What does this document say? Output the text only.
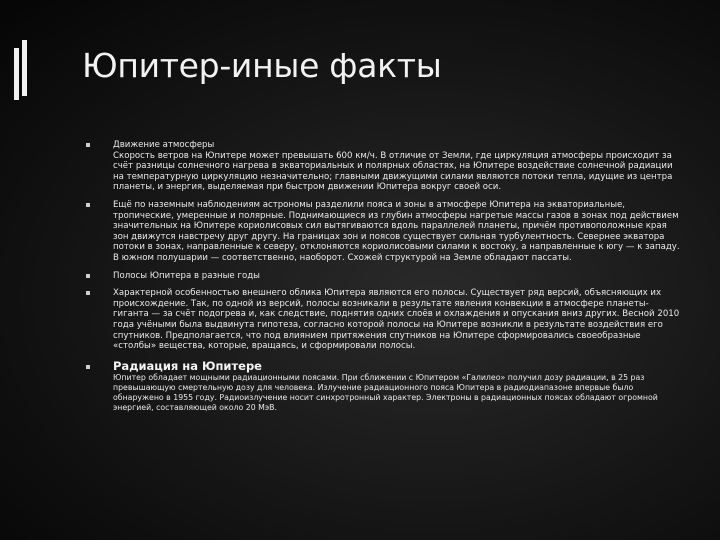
Юпитер-иные факты
Движение атмосферы
Скорость ветров на Юпитере может превышать 600 км/ч. В отличие от Земли, где циркуляция атмосферы происходит за счёт разницы солнечного нагрева в экваториальных и полярных областях, на Юпитере воздействие солнечной радиации на температурную циркуляцию незначительно; главными движущими силами являются потоки тепла, идущие из центра планеты, и энергия, выделяемая при быстром движении Юпитера вокруг своей оси.
Ещё по наземным наблюдениям астрономы разделили пояса и зоны в атмосфере Юпитера на экваториальные, тропические, умеренные и полярные. Поднимающиеся из глубин атмосферы нагретые массы газов в зонах под действием значительных на Юпитере кориолисовых сил вытягиваются вдоль параллелей планеты, причём противоположные края зон движутся навстречу друг другу. На границах зон и поясов существует сильная турбулентность. Севернее экватора потоки в зонах, направленные к северу, отклоняются кориолисовыми силами к востоку, а направленные к югу — к западу. В южном полушарии — соответственно, наоборот. Схожей структурой на Земле обладают пассаты.
Полосы Юпитера в разные годы
Характерной особенностью внешнего облика Юпитера являются его полосы. Существует ряд версий, объясняющих их происхождение. Так, по одной из версий, полосы возникали в результате явления конвекции в атмосфере планеты-гиганта — за счёт подогрева и, как следствие, поднятия одних слоёв и охлаждения и опускания вниз других. Весной 2010 года учёными была выдвинута гипотеза, согласно которой полосы на Юпитере возникли в результате воздействия его спутников. Предполагается, что под влиянием притяжения спутников на Юпитере сформировались своеобразные «столбы» вещества, которые, вращаясь, и сформировали полосы.
Радиация на Юпитере
Юпитер обладает мощными радиационными поясами. При сближении с Юпитером «Галилео» получил дозу радиации, в 25 раз превышающую смертельную дозу для человека. Излучение радиационного пояса Юпитера в радиодиапазоне впервые было обнаружено в 1955 году. Радиоизлучение носит синхротронный характер. Электроны в радиационных поясах обладают огромной энергией, составляющей около 20 МэВ.
